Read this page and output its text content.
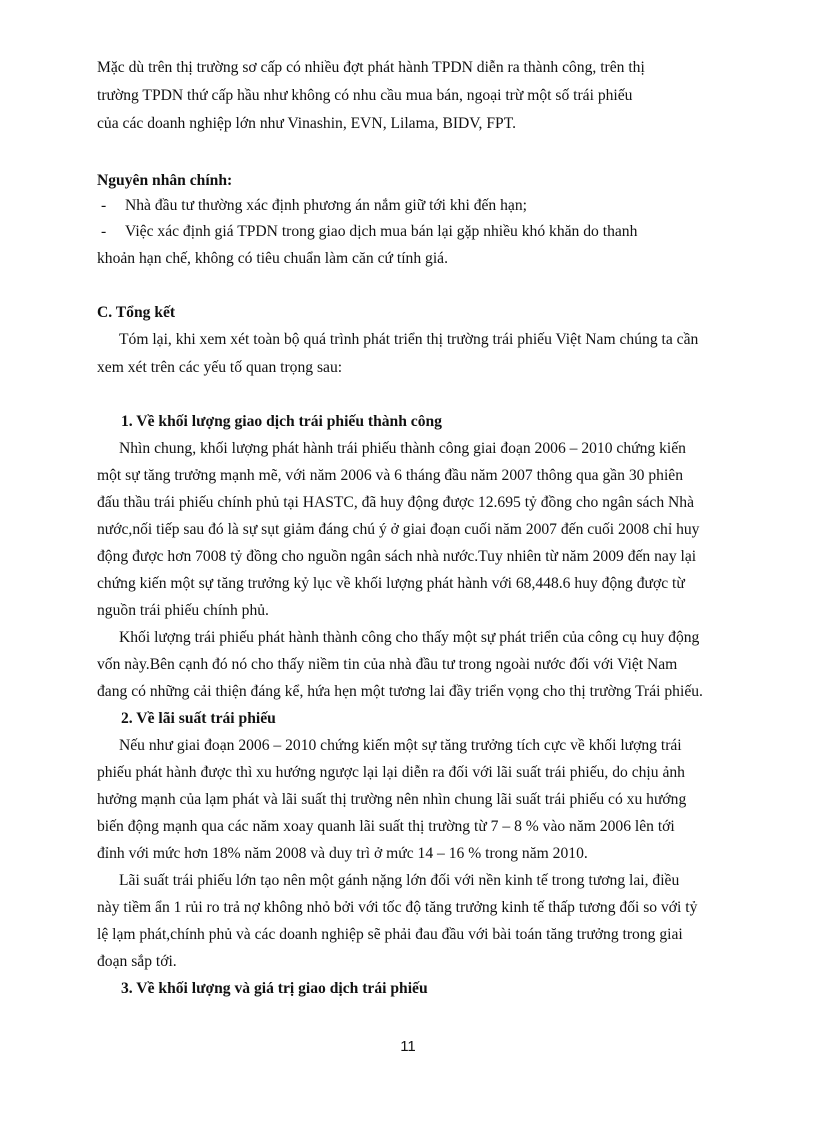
Mặc dù trên thị trường sơ cấp có nhiều đợt phát hành TPDN diễn ra thành công, trên thị
trường TPDN thứ cấp hầu như không có nhu cầu mua bán, ngoại trừ một số trái phiếu
của các doanh nghiệp lớn như Vinashin, EVN, Lilama, BIDV, FPT.
Nguyên nhân chính:
- Nhà đầu tư thường xác định phương án nắm giữ tới khi đến hạn;
- Việc xác định giá TPDN trong giao dịch mua bán lại gặp nhiều khó khăn do thanh
khoản hạn chế, không có tiêu chuẩn làm căn cứ tính giá.
C. Tổng kết
Tóm lại, khi xem xét toàn bộ quá trình phát triển thị trường trái phiếu Việt Nam chúng ta cần
xem xét trên các yếu tố quan trọng sau:
1. Về khối lượng giao dịch trái phiếu thành công
Nhìn chung, khối lượng phát hành trái phiếu thành công giai đoạn 2006 – 2010 chứng kiến
một sự tăng trưởng mạnh mẽ, với năm 2006 và 6 tháng đầu năm 2007 thông qua gần 30 phiên
đấu thầu trái phiếu chính phủ tại HASTC, đã huy động được 12.695 tỷ đồng cho ngân sách Nhà
nước,nối tiếp sau đó là sự sụt giảm đáng chú ý ở giai đoạn cuối năm 2007 đến cuối 2008 chỉ huy
động được hơn 7008 tỷ đồng cho nguồn ngân sách nhà nước.Tuy nhiên từ năm 2009 đến nay lại
chứng kiến một sự tăng trưởng kỷ lục về khối lượng phát hành với 68,448.6 huy động được từ
nguồn trái phiếu chính phủ.
Khối lượng trái phiếu phát hành thành công cho thấy một sự phát triển của công cụ huy động
vốn này.Bên cạnh đó nó cho thấy niềm tin của nhà đầu tư trong ngoài nước đối với Việt Nam
đang có những cải thiện đáng kể, hứa hẹn một tương lai đầy triển vọng cho thị trường Trái phiếu.
2. Về lãi suất trái phiếu
Nếu như giai đoạn 2006 – 2010 chứng kiến một sự tăng trưởng tích cực về khối lượng trái
phiếu phát hành được thì xu hướng ngược lại lại diễn ra đối với lãi suất trái phiếu, do chịu ảnh
hưởng mạnh của lạm phát và lãi suất thị trường nên nhìn chung lãi suất trái phiếu có xu hướng
biến động mạnh qua các năm xoay quanh lãi suất thị trường từ 7 – 8 % vào năm 2006 lên tới
đỉnh với mức hơn 18% năm 2008 và duy trì ở mức 14 – 16 % trong năm 2010.
Lãi suất trái phiếu lớn tạo nên một gánh nặng lớn đối với nền kinh tế trong tương lai, điều
này tiềm ẩn 1 rủi ro trả nợ không nhỏ bởi với tốc độ tăng trưởng kinh tế thấp tương đối so với tỷ
lệ lạm phát,chính phủ và các doanh nghiệp sẽ phải đau đầu với bài toán tăng trưởng trong giai
đoạn sắp tới.
3. Về khối lượng và giá trị giao dịch trái phiếu
11
